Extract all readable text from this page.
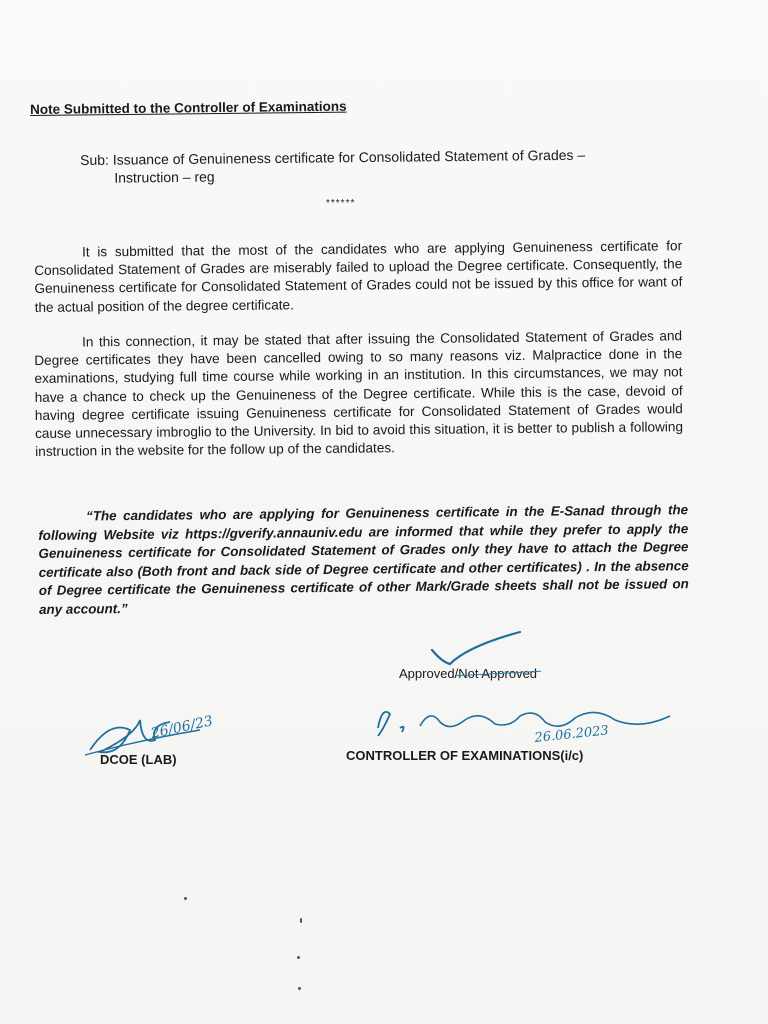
Note Submitted to the Controller of Examinations
Sub: Issuance of Genuineness certificate for Consolidated Statement of Grades –
Instruction – reg
******

It is submitted that the most of the candidates who are applying Genuineness certificate for Consolidated Statement of Grades are miserably failed to upload the Degree certificate. Consequently, the Genuineness certificate for Consolidated Statement of Grades could not be issued by this office for want of the actual position of the degree certificate.

In this connection, it may be stated that after issuing the Consolidated Statement of Grades and Degree certificates they have been cancelled owing to so many reasons viz. Malpractice done in the examinations, studying full time course while working in an institution. In this circumstances, we may not have a chance to check up the Genuineness of the Degree certificate. While this is the case, devoid of having degree certificate issuing Genuineness certificate for Consolidated Statement of Grades would cause unnecessary imbroglio to the University. In bid to avoid this situation, it is better to publish a following instruction in the website for the follow up of the candidates.

“The candidates who are applying for Genuineness certificate in the E-Sanad through the following Website viz https://gverify.annauniv.edu are informed that while they prefer to apply the Genuineness certificate for Consolidated Statement of Grades only they have to attach the Degree certificate also (Both front and back side of Degree certificate and other certificates) . In the absence of Degree certificate the Genuineness certificate of other Mark/Grade sheets shall not be issued on any account.”

Approved/Not Approved
26/06/23	26.06.2023
DCOE (LAB)	CONTROLLER OF EXAMINATIONS(i/c)
